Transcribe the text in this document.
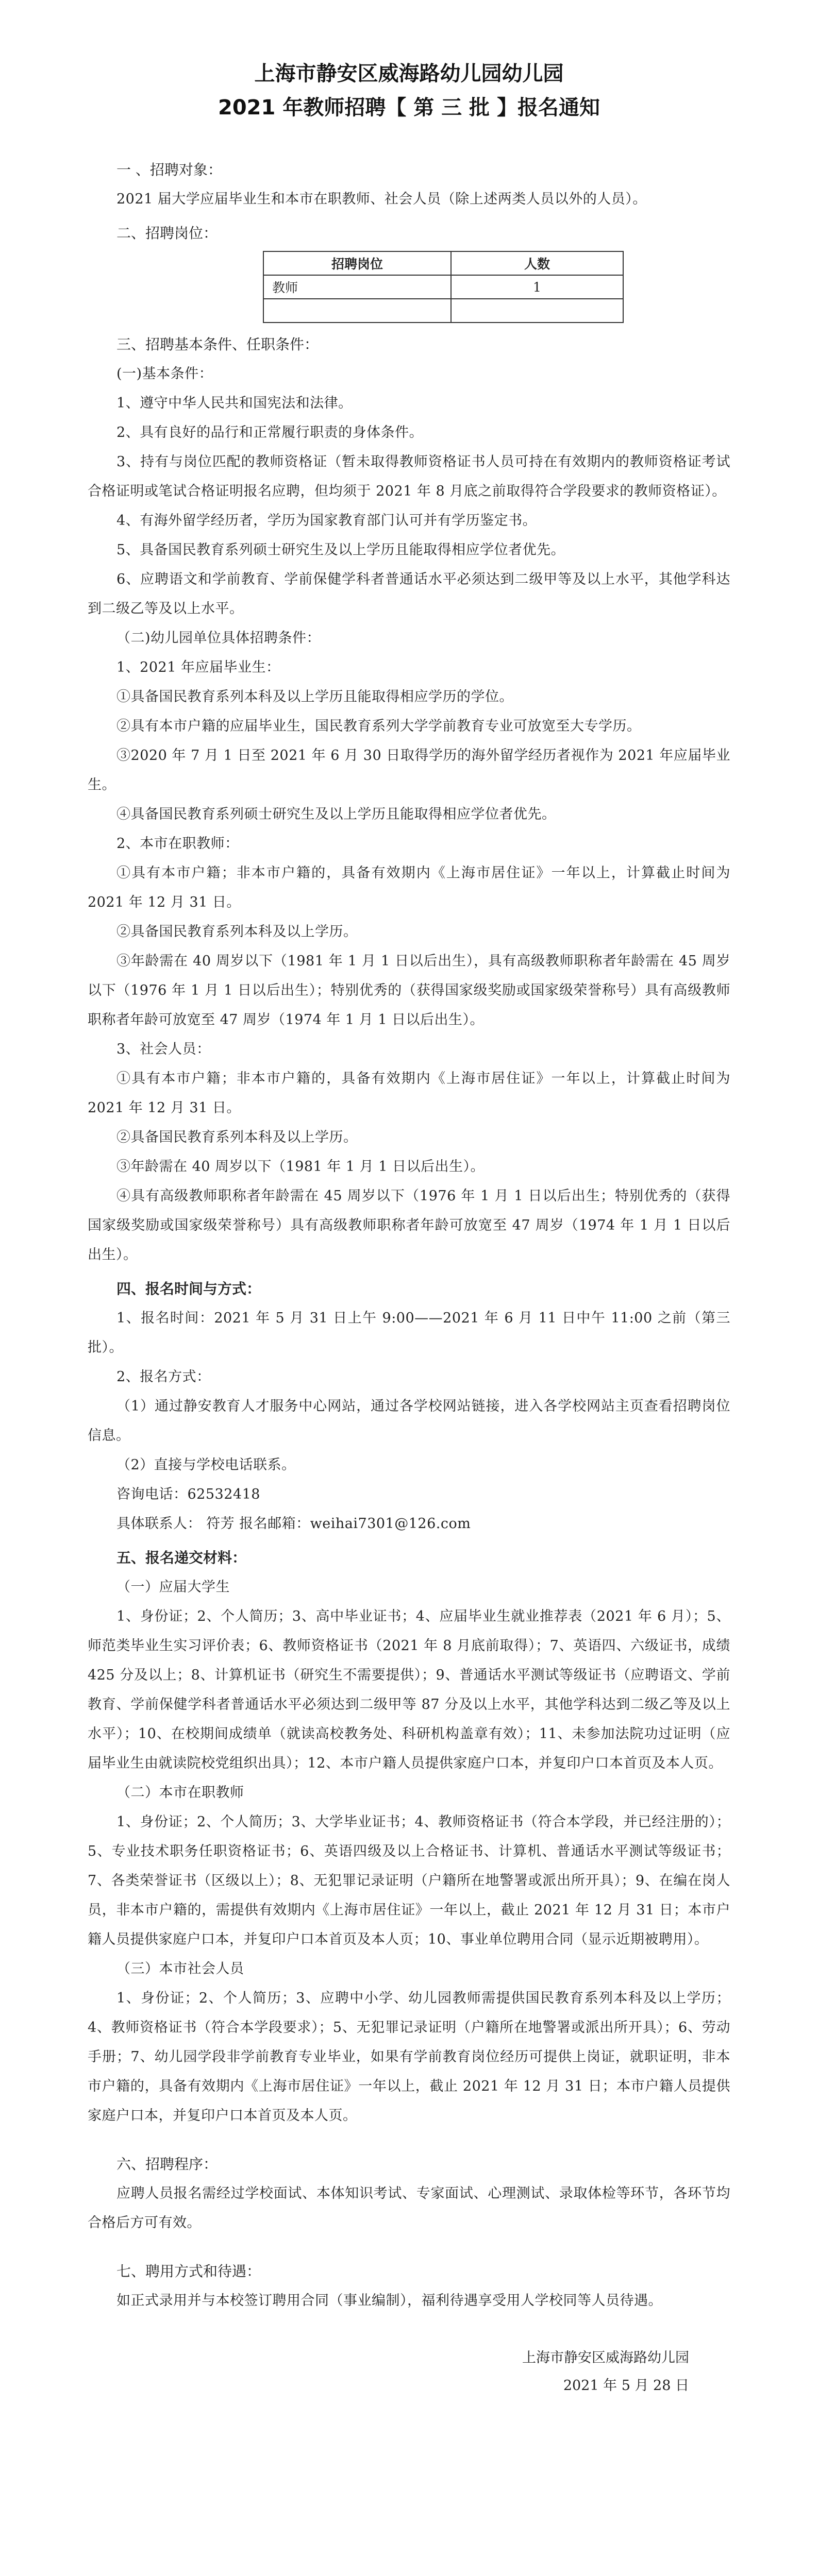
上海市静安区威海路幼儿园幼儿园
2021 年教师招聘【 第 三 批 】报名通知
一 、招聘对象：

2021 届大学应届毕业生和本市在职教师、社会人员（除上述两类人员以外的人员）。

二、招聘岗位：
招聘岗位	人数
教师	1

三、招聘基本条件、任职条件：

(一)基本条件：

1、遵守中华人民共和国宪法和法律。

2、具有良好的品行和正常履行职责的身体条件。

3、持有与岗位匹配的教师资格证（暂未取得教师资格证书人员可持在有效期内的教师资格证考试合格证明或笔试合格证明报名应聘，但均须于 2021 年 8 月底之前取得符合学段要求的教师资格证）。

4、有海外留学经历者，学历为国家教育部门认可并有学历鉴定书。

5、具备国民教育系列硕士研究生及以上学历且能取得相应学位者优先。

6、应聘语文和学前教育、学前保健学科者普通话水平必须达到二级甲等及以上水平，其他学科达到二级乙等及以上水平。

（二)幼儿园单位具体招聘条件：

1、2021 年应届毕业生：

①具备国民教育系列本科及以上学历且能取得相应学历的学位。

②具有本市户籍的应届毕业生，国民教育系列大学学前教育专业可放宽至大专学历。

③2020 年 7 月 1 日至 2021 年 6 月 30 日取得学历的海外留学经历者视作为 2021 年应届毕业生。

④具备国民教育系列硕士研究生及以上学历且能取得相应学位者优先。

2、本市在职教师：

①具有本市户籍；非本市户籍的，具备有效期内《上海市居住证》一年以上，计算截止时间为 2021 年 12 月 31 日。

②具备国民教育系列本科及以上学历。

③年龄需在 40 周岁以下（1981 年 1 月 1 日以后出生），具有高级教师职称者年龄需在 45 周岁以下（1976 年 1 月 1 日以后出生）；特别优秀的（获得国家级奖励或国家级荣誉称号）具有高级教师职称者年龄可放宽至 47 周岁（1974 年 1 月 1 日以后出生）。

3、社会人员：

①具有本市户籍；非本市户籍的，具备有效期内《上海市居住证》一年以上，计算截止时间为 2021 年 12 月 31 日。

②具备国民教育系列本科及以上学历。

③年龄需在 40 周岁以下（1981 年 1 月 1 日以后出生）。

④具有高级教师职称者年龄需在 45 周岁以下（1976 年 1 月 1 日以后出生；特别优秀的（获得国家级奖励或国家级荣誉称号）具有高级教师职称者年龄可放宽至 47 周岁（1974 年 1 月 1 日以后出生）。

四、报名时间与方式：

1、报名时间：2021 年 5 月 31 日上午 9:00——2021 年 6 月 11 日中午 11:00 之前（第三批）。

2、报名方式：

（1）通过静安教育人才服务中心网站，通过各学校网站链接，进入各学校网站主页查看招聘岗位信息。

（2）直接与学校电话联系。

咨询电话：62532418

具体联系人： 符芳 报名邮箱：weihai7301@126.com

五、报名递交材料：

（一）应届大学生

1、身份证；2、个人简历；3、高中毕业证书；4、应届毕业生就业推荐表（2021 年 6 月）；5、师范类毕业生实习评价表；6、教师资格证书（2021 年 8 月底前取得）；7、英语四、六级证书，成绩 425 分及以上；8、计算机证书（研究生不需要提供）；9、普通话水平测试等级证书（应聘语文、学前教育、学前保健学科者普通话水平必须达到二级甲等 87 分及以上水平，其他学科达到二级乙等及以上水平）；10、在校期间成绩单（就读高校教务处、科研机构盖章有效）；11、未参加法院功过证明（应届毕业生由就读院校党组织出具）；12、本市户籍人员提供家庭户口本，并复印户口本首页及本人页。

（二）本市在职教师

1、身份证；2、个人简历；3、大学毕业证书；4、教师资格证书（符合本学段，并已经注册的）；5、专业技术职务任职资格证书；6、英语四级及以上合格证书、计算机、普通话水平测试等级证书；7、各类荣誉证书（区级以上）；8、无犯罪记录证明（户籍所在地警署或派出所开具）；9、在编在岗人员，非本市户籍的，需提供有效期内《上海市居住证》一年以上，截止 2021 年 12 月 31 日；本市户籍人员提供家庭户口本，并复印户口本首页及本人页；10、事业单位聘用合同（显示近期被聘用）。

（三）本市社会人员

1、身份证；2、个人简历；3、应聘中小学、幼儿园教师需提供国民教育系列本科及以上学历；4、教师资格证书（符合本学段要求）；5、无犯罪记录证明（户籍所在地警署或派出所开具）；6、劳动手册；7、幼儿园学段非学前教育专业毕业，如果有学前教育岗位经历可提供上岗证，就职证明，非本市户籍的，具备有效期内《上海市居住证》一年以上，截止 2021 年 12 月 31 日；本市户籍人员提供家庭户口本，并复印户口本首页及本人页。

六、招聘程序：

应聘人员报名需经过学校面试、本体知识考试、专家面试、心理测试、录取体检等环节，各环节均合格后方可有效。

七、聘用方式和待遇：

如正式录用并与本校签订聘用合同（事业编制），福利待遇享受用人学校同等人员待遇。

上海市静安区威海路幼儿园

2021 年 5 月 28 日
